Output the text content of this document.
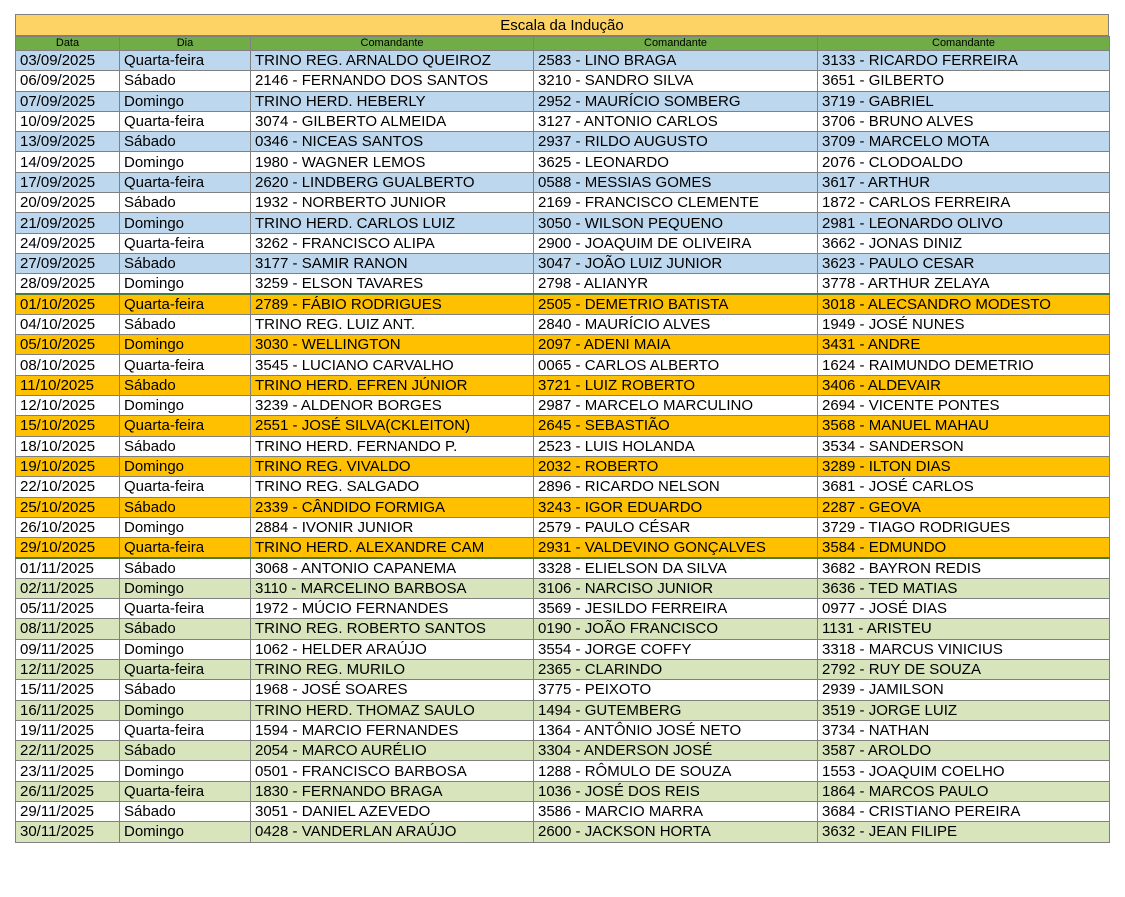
Escala da Indução
Data	Dia	Comandante	Comandante	Comandante
03/09/2025	Quarta-feira	TRINO REG. ARNALDO QUEIROZ	2583 - LINO BRAGA	3133 - RICARDO FERREIRA
06/09/2025	Sábado	2146 - FERNANDO DOS SANTOS	3210 - SANDRO SILVA	3651 - GILBERTO
07/09/2025	Domingo	TRINO HERD. HEBERLY	2952 - MAURÍCIO SOMBERG	3719 - GABRIEL
10/09/2025	Quarta-feira	3074 - GILBERTO ALMEIDA	3127 - ANTONIO CARLOS	3706 - BRUNO ALVES
13/09/2025	Sábado	0346 - NICEAS SANTOS	2937 - RILDO AUGUSTO	3709 - MARCELO MOTA
14/09/2025	Domingo	1980 - WAGNER LEMOS	3625 - LEONARDO	2076 - CLODOALDO
17/09/2025	Quarta-feira	2620 - LINDBERG GUALBERTO	0588 - MESSIAS GOMES	3617 - ARTHUR
20/09/2025	Sábado	1932 - NORBERTO JUNIOR	2169 - FRANCISCO CLEMENTE	1872 - CARLOS FERREIRA
21/09/2025	Domingo	TRINO HERD. CARLOS LUIZ	3050 - WILSON PEQUENO	2981 - LEONARDO OLIVO
24/09/2025	Quarta-feira	3262 - FRANCISCO ALIPA	2900 - JOAQUIM DE OLIVEIRA	3662 - JONAS DINIZ
27/09/2025	Sábado	3177 - SAMIR RANON	3047 - JOÃO LUIZ JUNIOR	3623 - PAULO CESAR
28/09/2025	Domingo	3259 - ELSON TAVARES	2798 - ALIANYR	3778 - ARTHUR ZELAYA
01/10/2025	Quarta-feira	2789 - FÁBIO RODRIGUES	2505 - DEMETRIO BATISTA	3018 - ALECSANDRO MODESTO
04/10/2025	Sábado	TRINO REG. LUIZ ANT.	2840 - MAURÍCIO ALVES	1949 - JOSÉ NUNES
05/10/2025	Domingo	3030 - WELLINGTON	2097 - ADENI MAIA	3431 - ANDRE
08/10/2025	Quarta-feira	3545 - LUCIANO CARVALHO	0065 - CARLOS ALBERTO	1624 - RAIMUNDO DEMETRIO
11/10/2025	Sábado	TRINO HERD. EFREN JÚNIOR	3721 - LUIZ ROBERTO	3406 - ALDEVAIR
12/10/2025	Domingo	3239 - ALDENOR BORGES	2987 - MARCELO MARCULINO	2694 - VICENTE PONTES
15/10/2025	Quarta-feira	2551 - JOSÉ SILVA(CKLEITON)	2645 - SEBASTIÃO	3568 - MANUEL MAHAU
18/10/2025	Sábado	TRINO HERD. FERNANDO P.	2523 - LUIS HOLANDA	3534 - SANDERSON
19/10/2025	Domingo	TRINO REG. VIVALDO	2032 - ROBERTO	3289 - ILTON DIAS
22/10/2025	Quarta-feira	TRINO REG. SALGADO	2896 - RICARDO NELSON	3681 - JOSÉ CARLOS
25/10/2025	Sábado	2339 - CÂNDIDO FORMIGA	3243 - IGOR EDUARDO	2287 - GEOVA
26/10/2025	Domingo	2884 - IVONIR JUNIOR	2579 - PAULO CÉSAR	3729 - TIAGO RODRIGUES
29/10/2025	Quarta-feira	TRINO HERD. ALEXANDRE CAM	2931 - VALDEVINO GONÇALVES	3584 - EDMUNDO
01/11/2025	Sábado	3068 - ANTONIO CAPANEMA	3328 - ELIELSON DA SILVA	3682 - BAYRON REDIS
02/11/2025	Domingo	3110 - MARCELINO BARBOSA	3106 - NARCISO JUNIOR	3636 - TED MATIAS
05/11/2025	Quarta-feira	1972 - MÚCIO FERNANDES	3569 - JESILDO FERREIRA	0977 - JOSÉ DIAS
08/11/2025	Sábado	TRINO REG. ROBERTO SANTOS	0190 - JOÃO FRANCISCO	1131 - ARISTEU
09/11/2025	Domingo	1062 - HELDER ARAÚJO	3554 - JORGE COFFY	3318 - MARCUS VINICIUS
12/11/2025	Quarta-feira	TRINO REG. MURILO	2365 - CLARINDO	2792 - RUY DE SOUZA
15/11/2025	Sábado	1968 - JOSÉ SOARES	3775 - PEIXOTO	2939 - JAMILSON
16/11/2025	Domingo	TRINO HERD. THOMAZ SAULO	1494 - GUTEMBERG	3519 - JORGE LUIZ
19/11/2025	Quarta-feira	1594 - MARCIO FERNANDES	1364 - ANTÔNIO JOSÉ NETO	3734 - NATHAN
22/11/2025	Sábado	2054 - MARCO AURÉLIO	3304 - ANDERSON JOSÉ	3587 - AROLDO
23/11/2025	Domingo	0501 - FRANCISCO BARBOSA	1288 - RÔMULO DE SOUZA	1553 - JOAQUIM COELHO
26/11/2025	Quarta-feira	1830 - FERNANDO BRAGA	1036 - JOSÉ DOS REIS	1864 - MARCOS PAULO
29/11/2025	Sábado	3051 - DANIEL AZEVEDO	3586 - MARCIO MARRA	3684 - CRISTIANO PEREIRA
30/11/2025	Domingo	0428 - VANDERLAN ARAÚJO	2600 - JACKSON HORTA	3632 - JEAN FILIPE
